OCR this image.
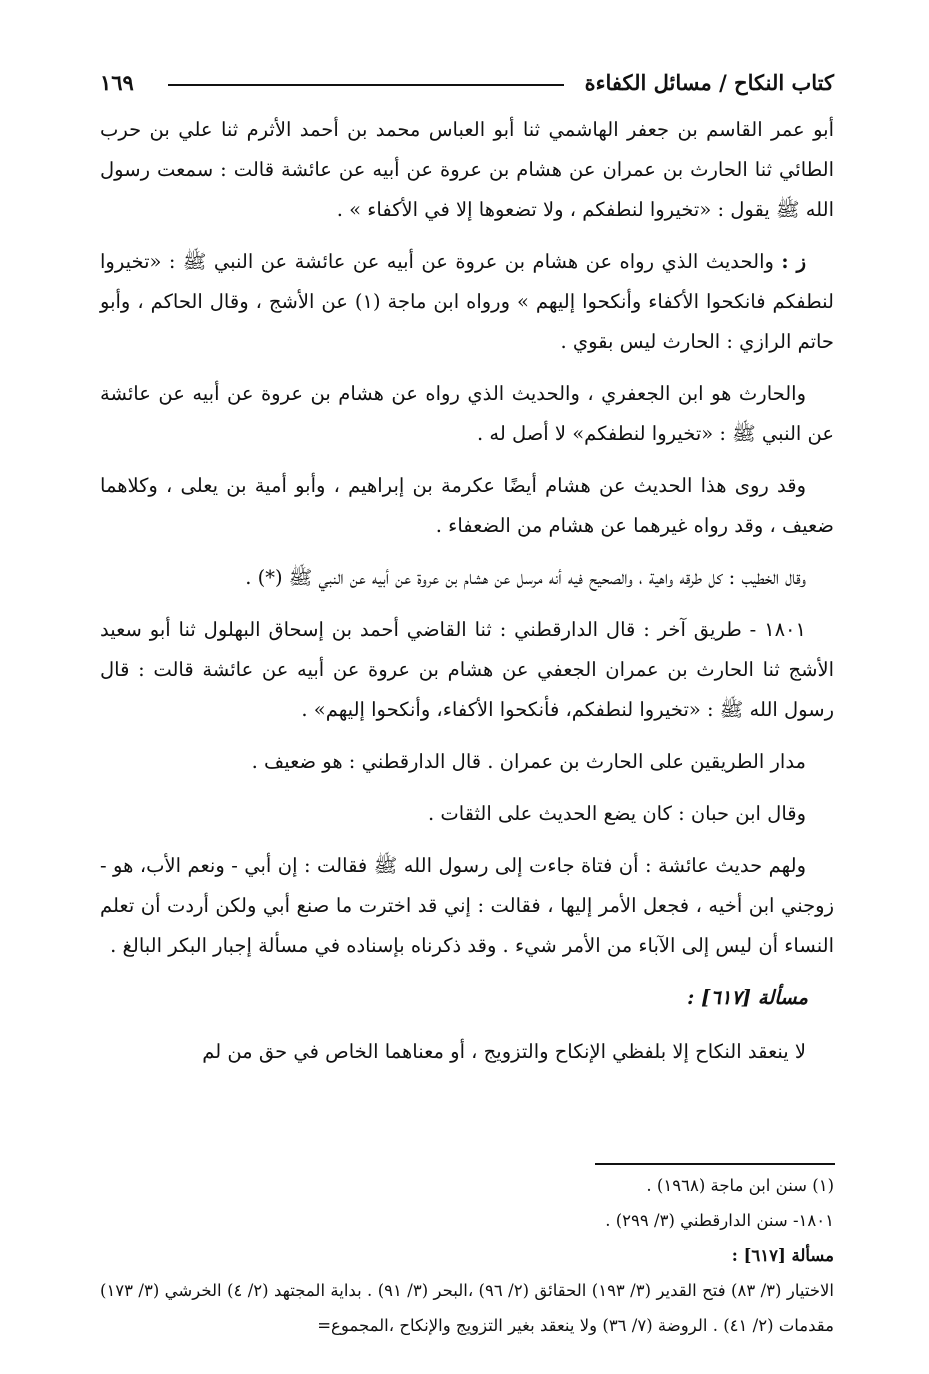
كتاب النكاح / مسائل الكفاءة
١٦٩

أبو عمر القاسم بن جعفر الهاشمي ثنا أبو العباس محمد بن أحمد الأثرم ثنا علي بن حرب الطائي ثنا الحارث بن عمران عن هشام بن عروة عن أبيه عن عائشة قالت : سمعت رسول الله ﷺ يقول : «تخيروا لنطفكم ، ولا تضعوها إلا في الأكفاء » .

ز : والحديث الذي رواه عن هشام بن عروة عن أبيه عن عائشة عن النبي ﷺ : «تخيروا لنطفكم فانكحوا الأكفاء وأنكحوا إليهم » ورواه ابن ماجة (١) عن الأشج ، وقال الحاكم ، وأبو حاتم الرازي : الحارث ليس بقوي .

والحارث هو ابن الجعفري ، والحديث الذي رواه عن هشام بن عروة عن أبيه عن عائشة عن النبي ﷺ : «تخيروا لنطفكم» لا أصل له .

وقد روى هذا الحديث عن هشام أيضًا عكرمة بن إبراهيم ، وأبو أمية بن يعلى ، وكلاهما ضعيف ، وقد رواه غيرهما عن هشام من الضعفاء .

وقال الخطيب : كل طرقه واهية ، والصحيح فيه أنه مرسل عن هشام بن عروة عن أبيه عن النبي ﷺ (*) .

١٨٠١ - طريق آخر : قال الدارقطني : ثنا القاضي أحمد بن إسحاق البهلول ثنا أبو سعيد الأشج ثنا الحارث بن عمران الجعفي عن هشام بن عروة عن أبيه عن عائشة قالت : قال رسول الله ﷺ : «تخيروا لنطفكم، فأنكحوا الأكفاء، وأنكحوا إليهم» .

مدار الطريقين على الحارث بن عمران . قال الدارقطني : هو ضعيف .

وقال ابن حبان : كان يضع الحديث على الثقات .

ولهم حديث عائشة : أن فتاة جاءت إلى رسول الله ﷺ فقالت : إن أبي - ونعم الأب، هو - زوجني ابن أخيه ، فجعل الأمر إليها ، فقالت : إني قد اخترت ما صنع أبي ولكن أردت أن تعلم النساء أن ليس إلى الآباء من الأمر شيء . وقد ذكرناه بإسناده في مسألة إجبار البكر البالغ .

مسألة [٦١٧] :

لا ينعقد النكاح إلا بلفظي الإنكاح والتزويج ، أو معناهما الخاص في حق من لم

(١) سنن ابن ماجة (١٩٦٨) .

١٨٠١- سنن الدارقطني (٣/ ٢٩٩) .

مسألة [٦١٧] :

الاختيار (٣/ ٨٣) فتح القدير (٣/ ١٩٣) الحقائق (٢/ ٩٦) ،البحر (٣/ ٩١) . بداية المجتهد (٢/ ٤) الخرشي (٣/ ١٧٣) مقدمات (٢/ ٤١) . الروضة (٧/ ٣٦) ولا ينعقد بغير التزويج والإنكاح ،المجموع=
